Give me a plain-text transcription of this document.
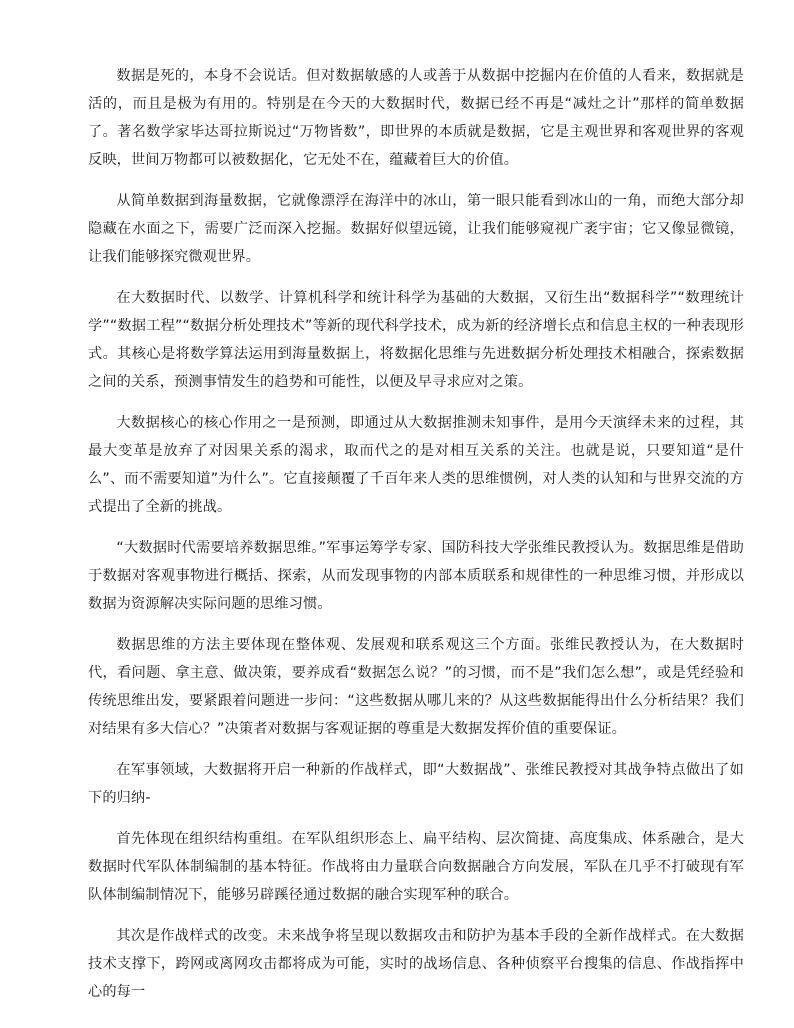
数据是死的，本身不会说话。但对数据敏感的人或善于从数据中挖掘内在价值的人看来，数据就是活的，而且是极为有用的。特别是在今天的大数据时代，数据已经不再是“减灶之计”那样的简单数据了。著名数学家毕达哥拉斯说过“万物皆数”，即世界的本质就是数据，它是主观世界和客观世界的客观反映，世间万物都可以被数据化，它无处不在，蕴藏着巨大的价值。

从简单数据到海量数据，它就像漂浮在海洋中的冰山，第一眼只能看到冰山的一角，而绝大部分却隐藏在水面之下，需要广泛而深入挖掘。数据好似望远镜，让我们能够窥视广袤宇宙；它又像显微镜，让我们能够探究微观世界。

在大数据时代、以数学、计算机科学和统计科学为基础的大数据，又衍生出“数据科学”“数理统计学”“数据工程”“数据分析处理技术”等新的现代科学技术，成为新的经济增长点和信息主权的一种表现形式。其核心是将数学算法运用到海量数据上，将数据化思维与先进数据分析处理技术相融合，探索数据之间的关系，预测事情发生的趋势和可能性，以便及早寻求应对之策。

大数据核心的核心作用之一是预测，即通过从大数据推测未知事件，是用今天演绎未来的过程，其最大变革是放弃了对因果关系的渴求，取而代之的是对相互关系的关注。也就是说，只要知道“是什么”、而不需要知道”为什么”。它直接颠覆了千百年来人类的思维惯例，对人类的认知和与世界交流的方式提出了全新的挑战。

“大数据时代需要培养数据思维。”军事运筹学专家、国防科技大学张维民教授认为。数据思维是借助于数据对客观事物进行概括、探索，从而发现事物的内部本质联系和规律性的一种思维习惯，并形成以数据为资源解决实际问题的思维习惯。

数据思维的方法主要体现在整体观、发展观和联系观这三个方面。张维民教授认为，在大数据时代，看问题、拿主意、做决策，要养成看“数据怎么说？”的习惯，而不是”我们怎么想”，或是凭经验和传统思维出发，要紧跟着问题进一步问：“这些数据从哪儿来的？从这些数据能得出什么分析结果？我们对结果有多大信心？”决策者对数据与客观证据的尊重是大数据发挥价值的重要保证。

在军事领域，大数据将开启一种新的作战样式，即“大数据战”、张维民教授对其战争特点做出了如下的归纳-

首先体现在组织结构重组。在军队组织形态上、扁平结构、层次简捷、高度集成、体系融合，是大数据时代军队体制编制的基本特征。作战将由力量联合向数据融合方向发展，军队在几乎不打破现有军队体制编制情况下，能够另辟蹊径通过数据的融合实现军种的联合。

其次是作战样式的改变。未来战争将呈现以数据攻击和防护为基本手段的全新作战样式。在大数据技术支撑下，跨网或离网攻击都将成为可能，实时的战场信息、各种侦察平台搜集的信息、作战指挥中心的每一
